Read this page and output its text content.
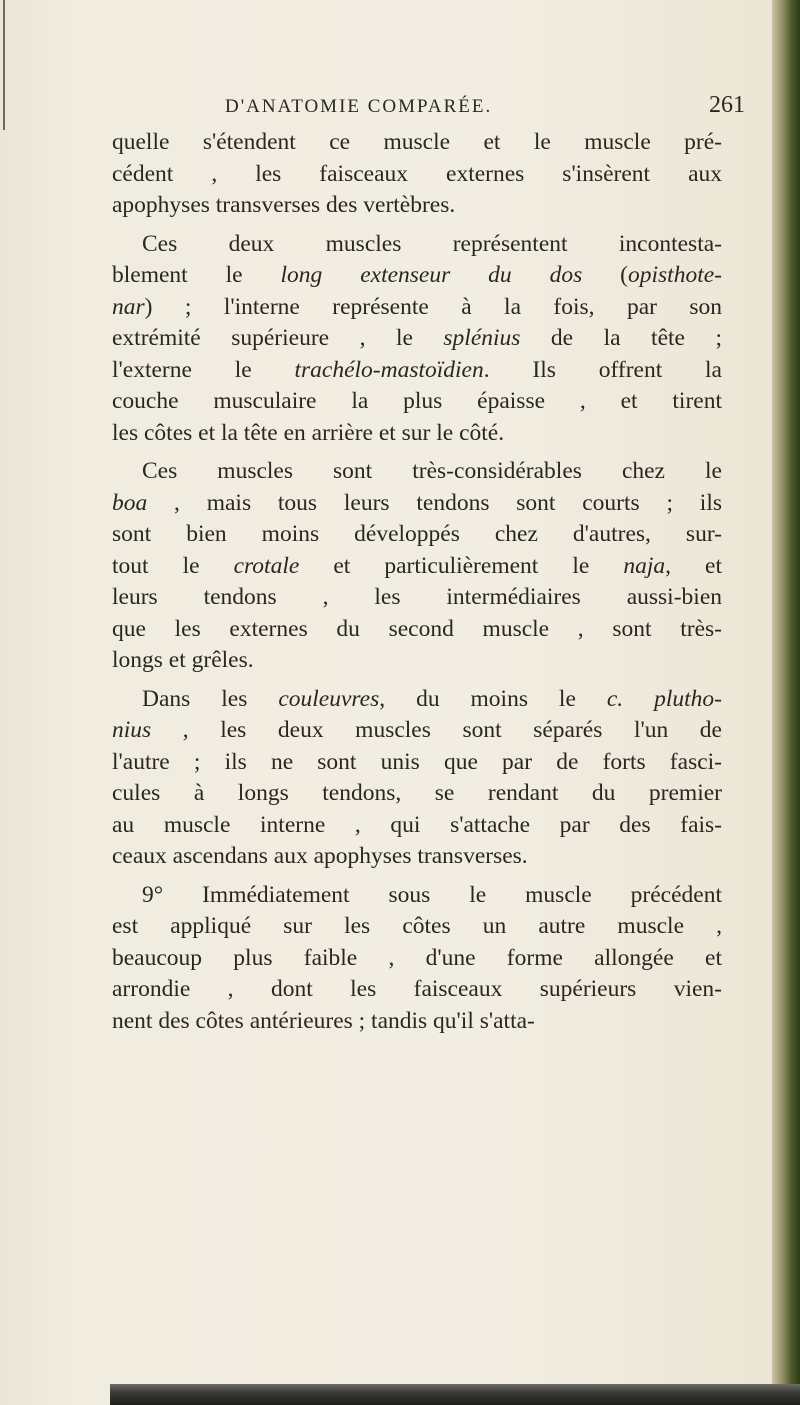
D'ANATOMIE COMPARÉE.	261
quelle s'étendent ce muscle et le muscle pré-
cédent , les faisceaux externes s'insèrent aux
apophyses transverses des vertèbres.
Ces deux muscles représentent incontesta-
blement le long extenseur du dos (opisthote-
nar) ; l'interne représente à la fois, par son
extrémité supérieure , le splénius de la tête ;
l'externe le trachélo-mastoïdien. Ils offrent la
couche musculaire la plus épaisse , et tirent
les côtes et la tête en arrière et sur le côté.
Ces muscles sont très-considérables chez le
boa , mais tous leurs tendons sont courts ; ils
sont bien moins développés chez d'autres, sur-
tout le crotale et particulièrement le naja, et
leurs tendons , les intermédiaires aussi-bien
que les externes du second muscle , sont très-
longs et grêles.
Dans les couleuvres, du moins le c. plutho-
nius , les deux muscles sont séparés l'un de
l'autre ; ils ne sont unis que par de forts fasci-
cules à longs tendons, se rendant du premier
au muscle interne , qui s'attache par des fais-
ceaux ascendans aux apophyses transverses.
9° Immédiatement sous le muscle précédent
est appliqué sur les côtes un autre muscle ,
beaucoup plus faible , d'une forme allongée et
arrondie , dont les faisceaux supérieurs vien-
nent des côtes antérieures ; tandis qu'il s'atta-
